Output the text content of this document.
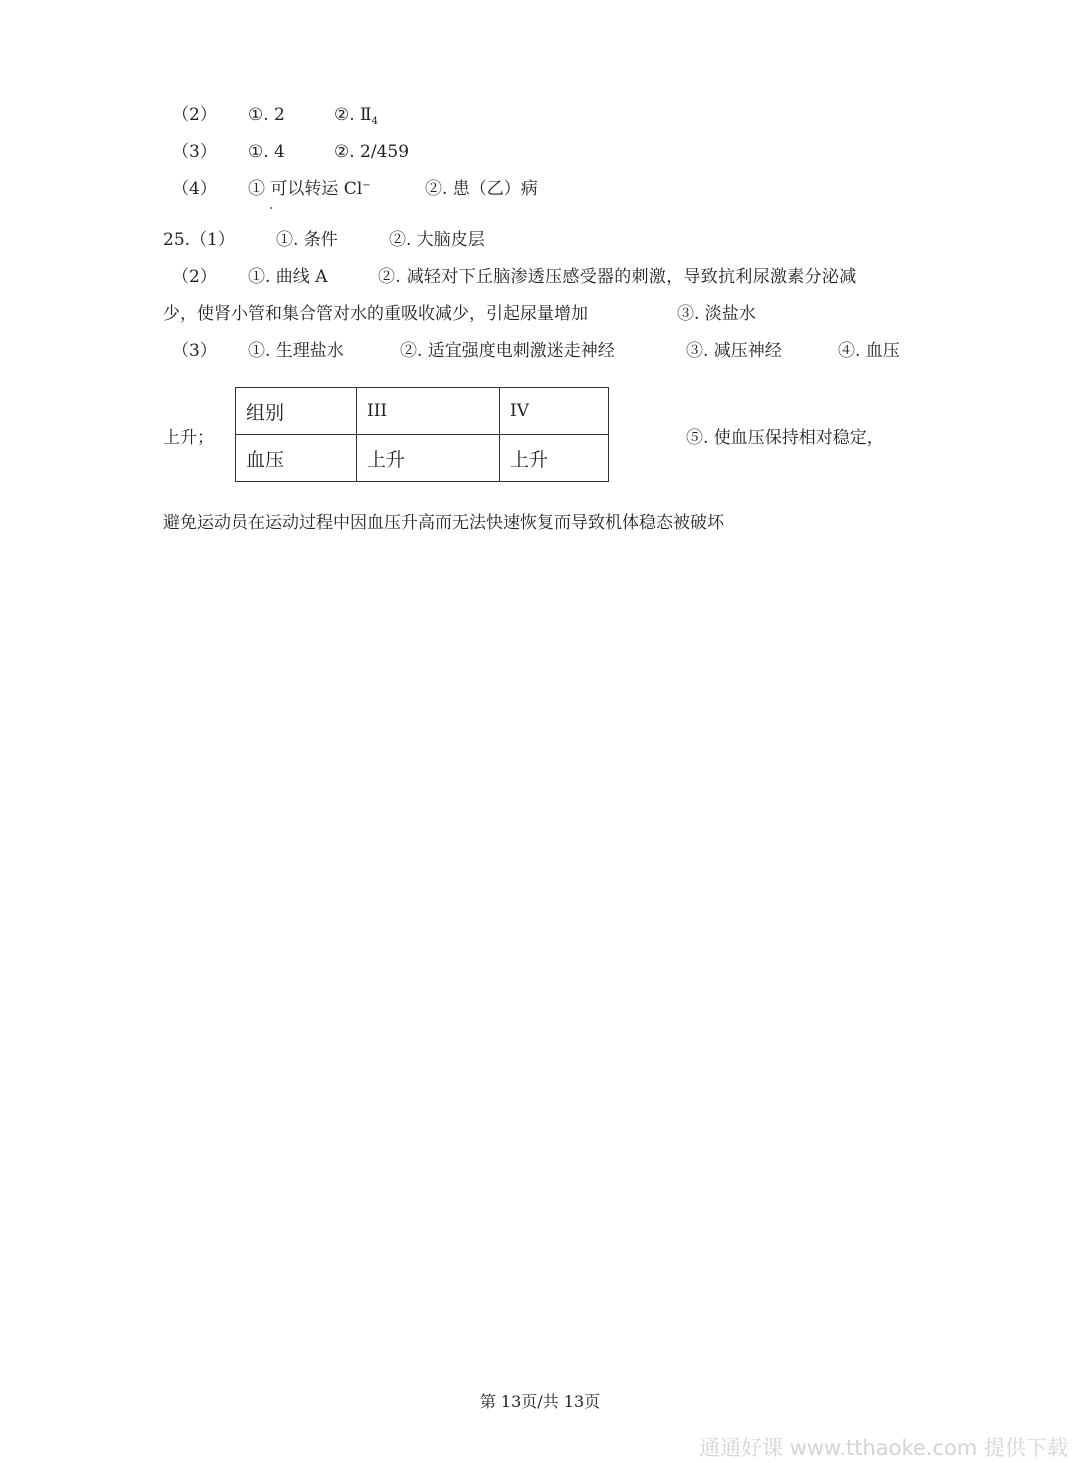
（2） ①. 2	②. $Ⅱ_4$
（3） ①. 4	②. 2/459
（4） ① 可以转运 Cl−	②. 患（乙）病
25.（1） ①. 条件	②. 大脑皮层
（2） ①. 曲线 A	②. 减轻对下丘脑渗透压感受器的刺激，导致抗利尿激素分泌减
少，使肾小管和集合管对水的重吸收减少，引起尿量增加	③. 淡盐水
（3） ①. 生理盐水	②. 适宜强度电刺激迷走神经	③. 减压神经	④. 血压
上升；
组别	III	IV
血压	上升	上升
⑤. 使血压保持相对稳定，
避免运动员在运动过程中因血压升高而无法快速恢复而导致机体稳态被破坏
第 13页/共 13页
通通好课 www.tthaoke.com 提供下载
